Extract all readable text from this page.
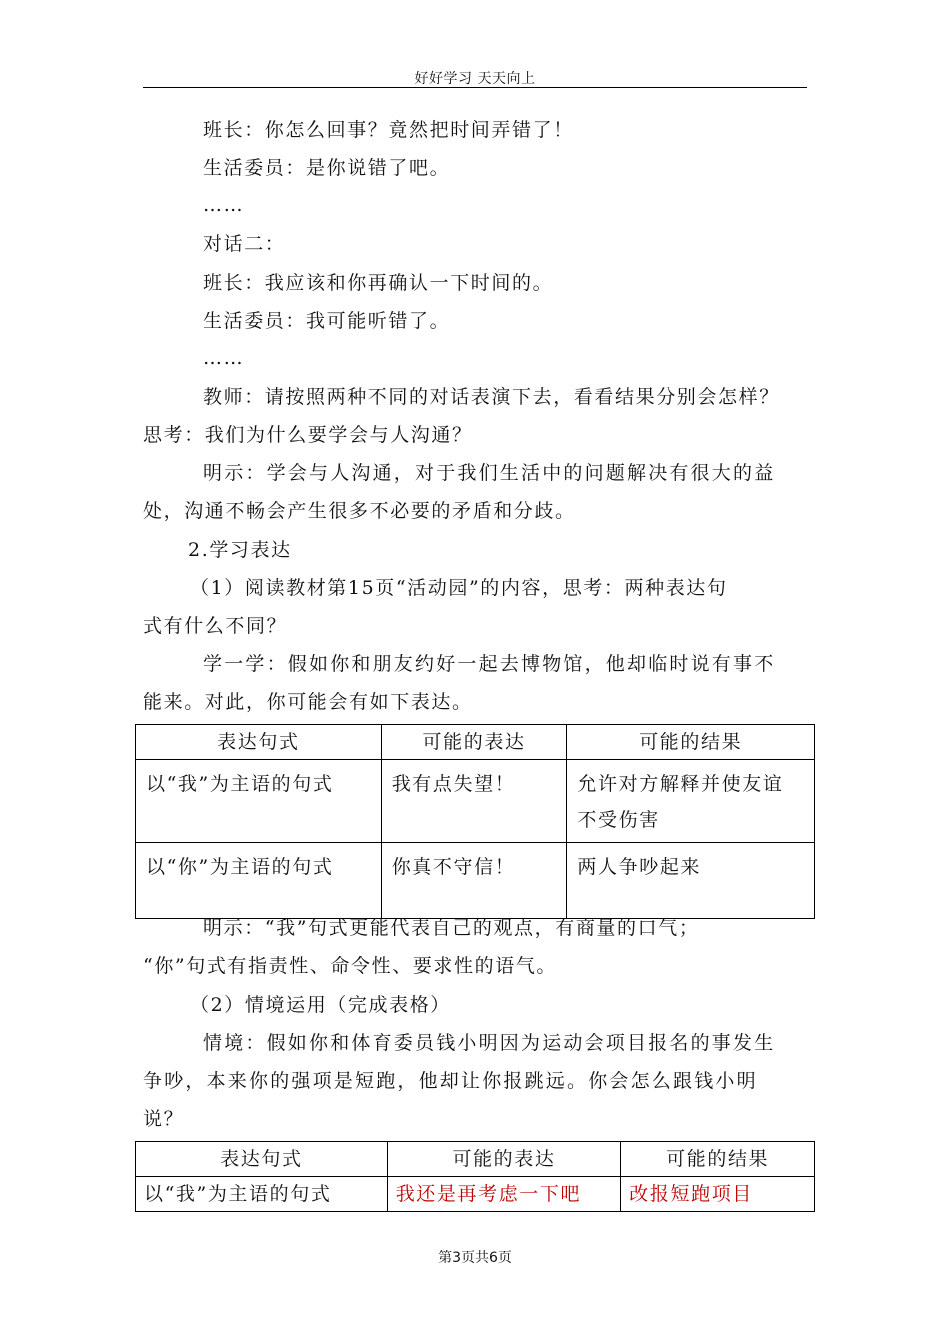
好好学习 天天向上
班长：你怎么回事？竟然把时间弄错了！
生活委员：是你说错了吧。
……
对话二：
班长：我应该和你再确认一下时间的。
生活委员：我可能听错了。
……
教师：请按照两种不同的对话表演下去，看看结果分别会怎样？
思考：我们为什么要学会与人沟通？
明示：学会与人沟通，对于我们生活中的问题解决有很大的益
处，沟通不畅会产生很多不必要的矛盾和分歧。
2.学习表达
（1）阅读教材第15页“活动园”的内容，思考：两种表达句
式有什么不同？
学一学：假如你和朋友约好一起去博物馆，他却临时说有事不
能来。对此，你可能会有如下表达。
表达句式	可能的表达	可能的结果
以“我”为主语的句式	我有点失望！	允许对方解释并使友谊不受伤害
以“你”为主语的句式	你真不守信！	两人争吵起来
明示：“我”句式更能代表自己的观点，有商量的口气；
“你”句式有指责性、命令性、要求性的语气。
（2）情境运用（完成表格）
情境：假如你和体育委员钱小明因为运动会项目报名的事发生
争吵，本来你的强项是短跑，他却让你报跳远。你会怎么跟钱小明
说？
表达句式	可能的表达	可能的结果
以“我”为主语的句式	我还是再考虑一下吧	改报短跑项目
第3页共6页
